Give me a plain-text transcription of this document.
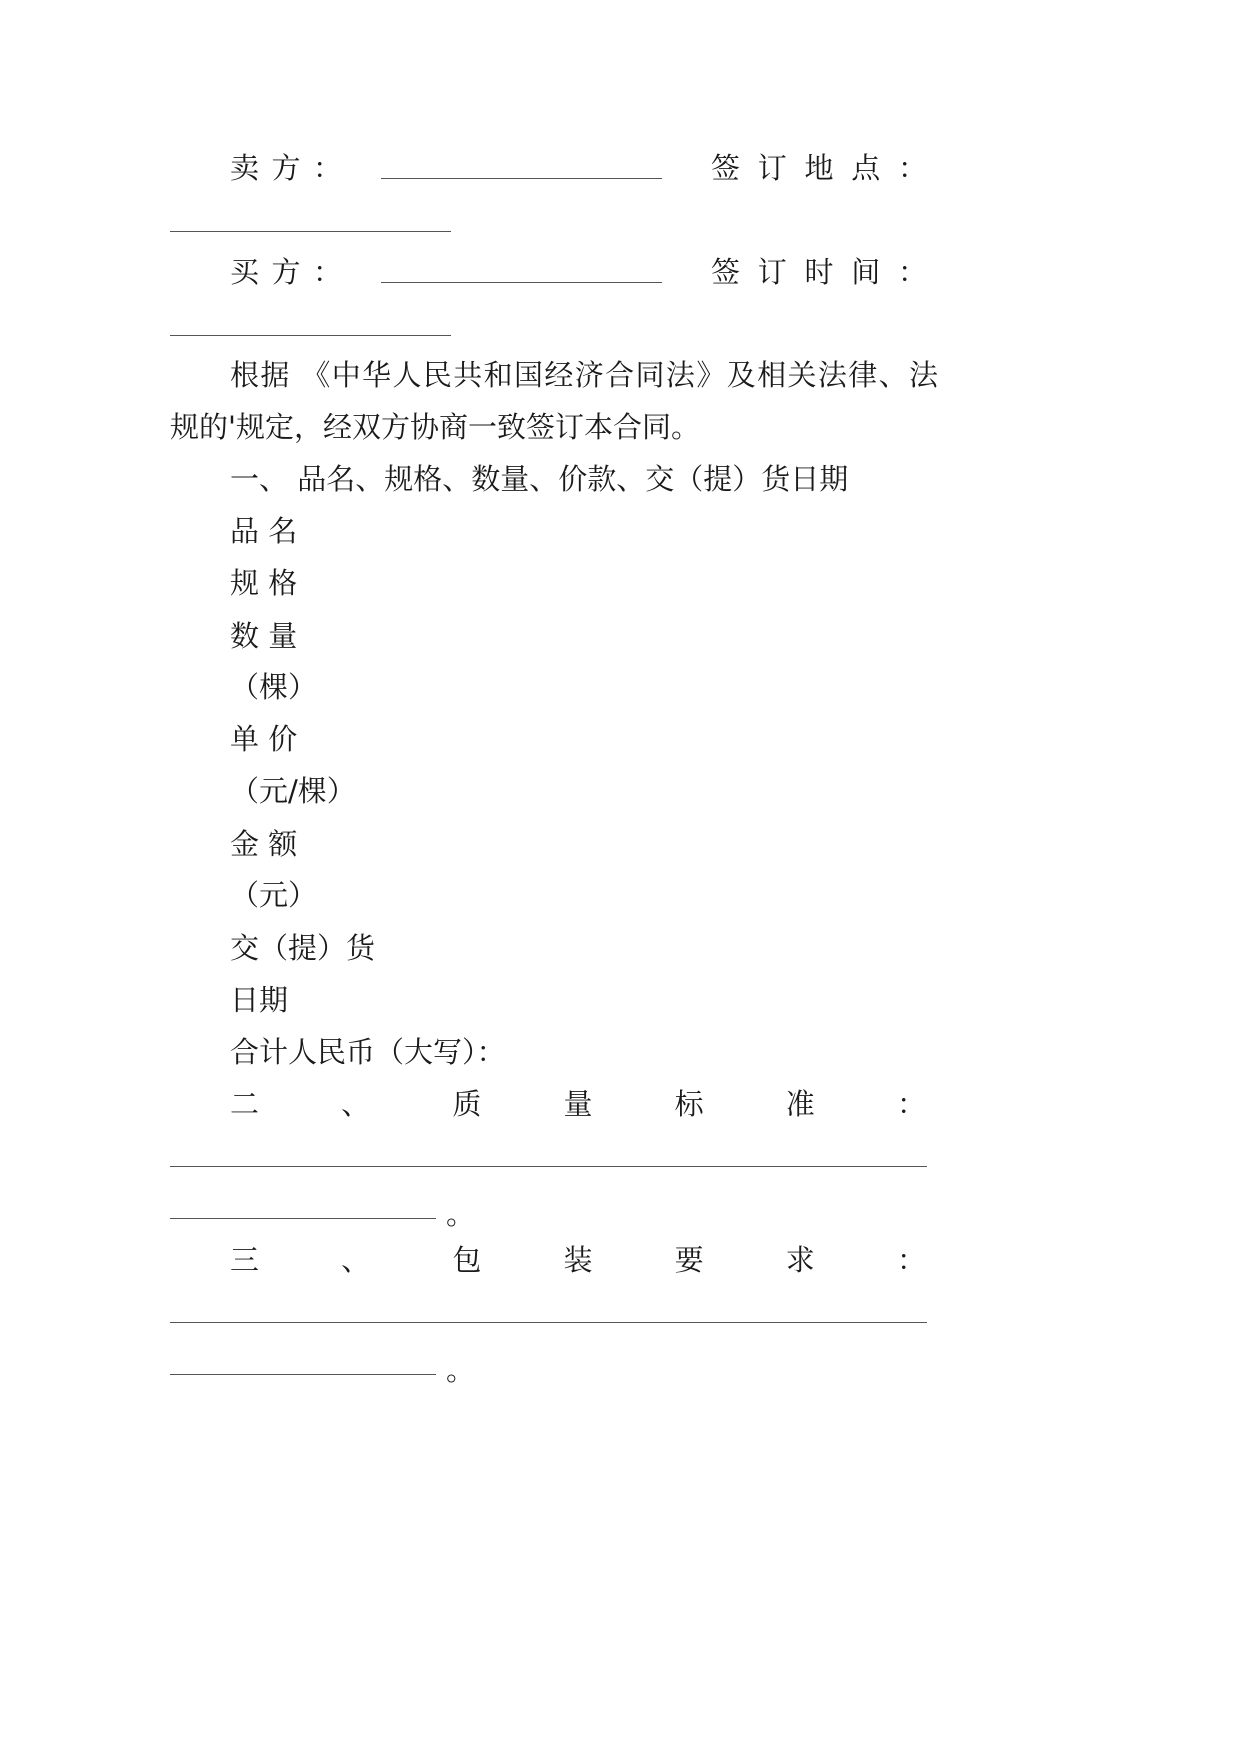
卖 方 ：	签 订 地 点 ：
买 方 ：	签 订 时 间 ：
根据 《中华人民共和国经济合同法》及相关法律、法
规的'规定，经双方协商一致签订本合同。
一、 品名、规格、数量、价款、交（提）货日期
品 名
规 格
数 量
（棵）
单 价
（元/棵）
金 额
（元）
交（提）货
日期
合计人民币（大写）：
二	、	质	量	标	准	：
。
三	、	包	装	要	求	：
。
